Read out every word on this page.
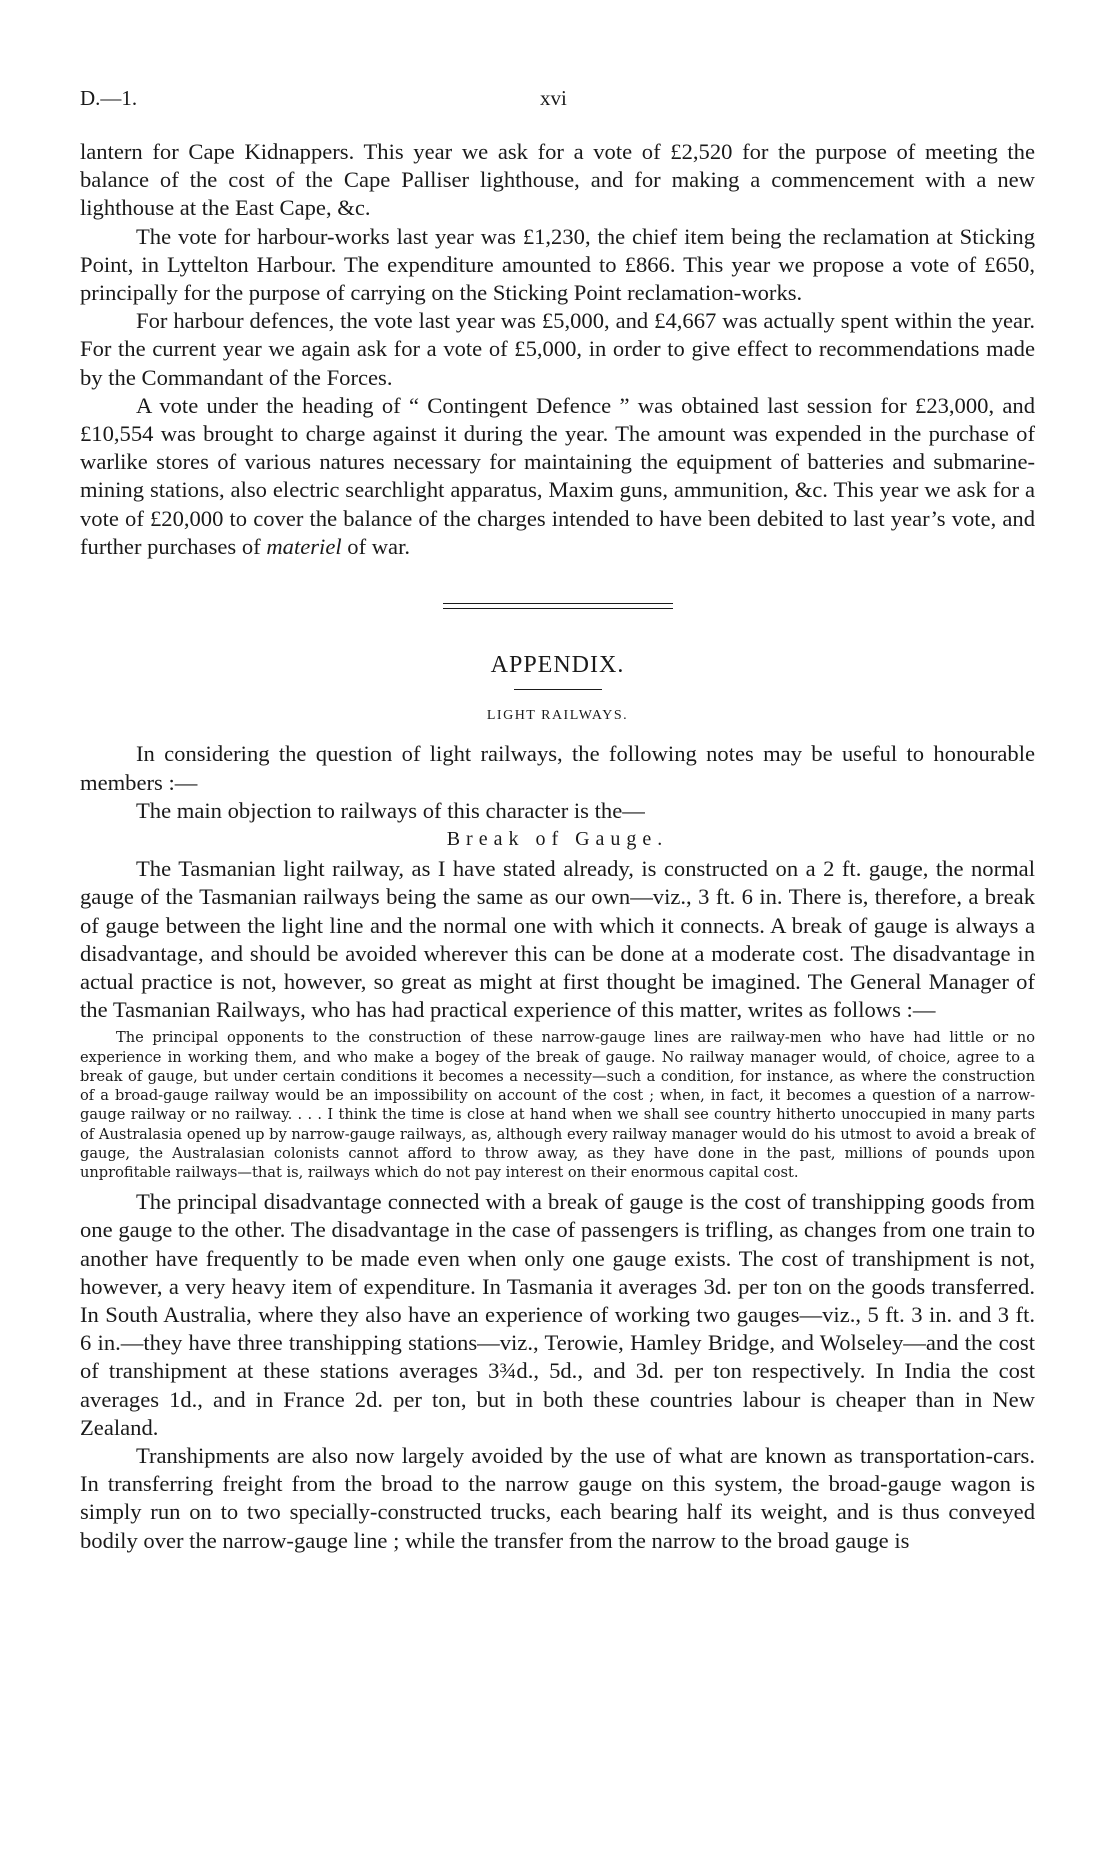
D.—1.	xvi

lantern for Cape Kidnappers. This year we ask for a vote of £2,520 for the purpose of meeting the balance of the cost of the Cape Palliser lighthouse, and for making a commencement with a new lighthouse at the East Cape, &c.

The vote for harbour-works last year was £1,230, the chief item being the reclamation at Sticking Point, in Lyttelton Harbour. The expenditure amounted to £866. This year we propose a vote of £650, principally for the purpose of carrying on the Sticking Point reclamation-works.

For harbour defences, the vote last year was £5,000, and £4,667 was actually spent within the year. For the current year we again ask for a vote of £5,000, in order to give effect to recommendations made by the Commandant of the Forces.

A vote under the heading of “ Contingent Defence ” was obtained last session for £23,000, and £10,554 was brought to charge against it during the year. The amount was expended in the purchase of warlike stores of various natures necessary for maintaining the equipment of batteries and submarine-mining stations, also electric searchlight apparatus, Maxim guns, ammunition, &c. This year we ask for a vote of £20,000 to cover the balance of the charges intended to have been debited to last year’s vote, and further purchases of materiel of war.

APPENDIX.
LIGHT RAILWAYS.

In considering the question of light railways, the following notes may be useful to honourable members :—

The main objection to railways of this character is the—

Break of Gauge.

The Tasmanian light railway, as I have stated already, is constructed on a 2 ft. gauge, the normal gauge of the Tasmanian railways being the same as our own—viz., 3 ft. 6 in. There is, therefore, a break of gauge between the light line and the normal one with which it connects. A break of gauge is always a disadvantage, and should be avoided wherever this can be done at a moderate cost. The disadvantage in actual practice is not, however, so great as might at first thought be imagined. The General Manager of the Tasmanian Railways, who has had practical experience of this matter, writes as follows :—

The principal opponents to the construction of these narrow-gauge lines are railway-men who have had little or no experience in working them, and who make a bogey of the break of gauge. No railway manager would, of choice, agree to a break of gauge, but under certain conditions it becomes a necessity—such a condition, for instance, as where the construction of a broad-gauge railway would be an impossibility on account of the cost ; when, in fact, it becomes a question of a narrow-gauge railway or no railway. . . . I think the time is close at hand when we shall see country hitherto unoccupied in many parts of Australasia opened up by narrow-gauge railways, as, although every railway manager would do his utmost to avoid a break of gauge, the Australasian colonists cannot afford to throw away, as they have done in the past, millions of pounds upon unprofitable railways—that is, railways which do not pay interest on their enormous capital cost.

The principal disadvantage connected with a break of gauge is the cost of transhipping goods from one gauge to the other. The disadvantage in the case of passengers is trifling, as changes from one train to another have frequently to be made even when only one gauge exists. The cost of transhipment is not, however, a very heavy item of expenditure. In Tasmania it averages 3d. per ton on the goods transferred. In South Australia, where they also have an experience of working two gauges—viz., 5 ft. 3 in. and 3 ft. 6 in.—they have three transhipping stations—viz., Terowie, Hamley Bridge, and Wolseley—and the cost of transhipment at these stations averages 3¾d., 5d., and 3d. per ton respectively. In India the cost averages 1d., and in France 2d. per ton, but in both these countries labour is cheaper than in New Zealand.

Transhipments are also now largely avoided by the use of what are known as transportation-cars. In transferring freight from the broad to the narrow gauge on this system, the broad-gauge wagon is simply run on to two specially-constructed trucks, each bearing half its weight, and is thus conveyed bodily over the narrow-gauge line ; while the transfer from the narrow to the broad gauge is
